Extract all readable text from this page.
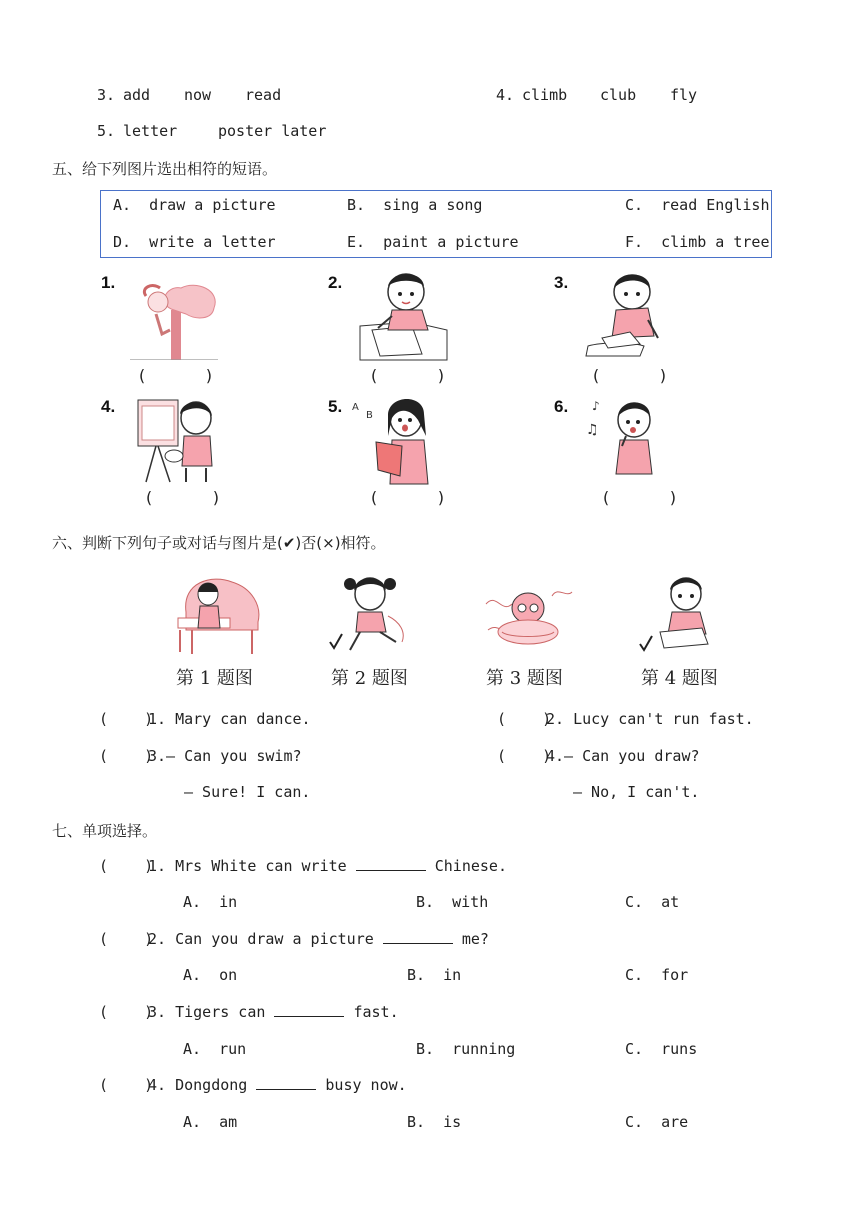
3. add now read	4. climb club fly
5. letter	poster later
五、给下列图片选出相符的短语。
A.  draw a picture	B.  sing a song	C.  read English
D.  write a letter	E.  paint a picture	F.  climb a tree
1.	2.	3.
4.	5.	6.
A
B
♫
♪
(      )	(      )	(      )
(      )	(      )	(      )
六、判断下列句子或对话与图片是(✔)否(×)相符。
第 1 题图	第 2 题图	第 3 题图	第 4 题图
(    )
1. Mary can dance.	(    )
2. Lucy can't run fast.
(    )
3.— Can you swim?	(    )
4.— Can you draw?
— Sure! I can.	— No, I can't.
七、单项选择。
(    )
1. Mrs White can write	Chinese.
A.  in	B.  with	C.  at
(    )
2. Can you draw a picture	me?
A.  on	B.  in	C.  for
(    )
3. Tigers can	fast.
A.  run	B.  running	C.  runs
(    )
4. Dongdong	busy now.
A.  am	B.  is	C.  are
